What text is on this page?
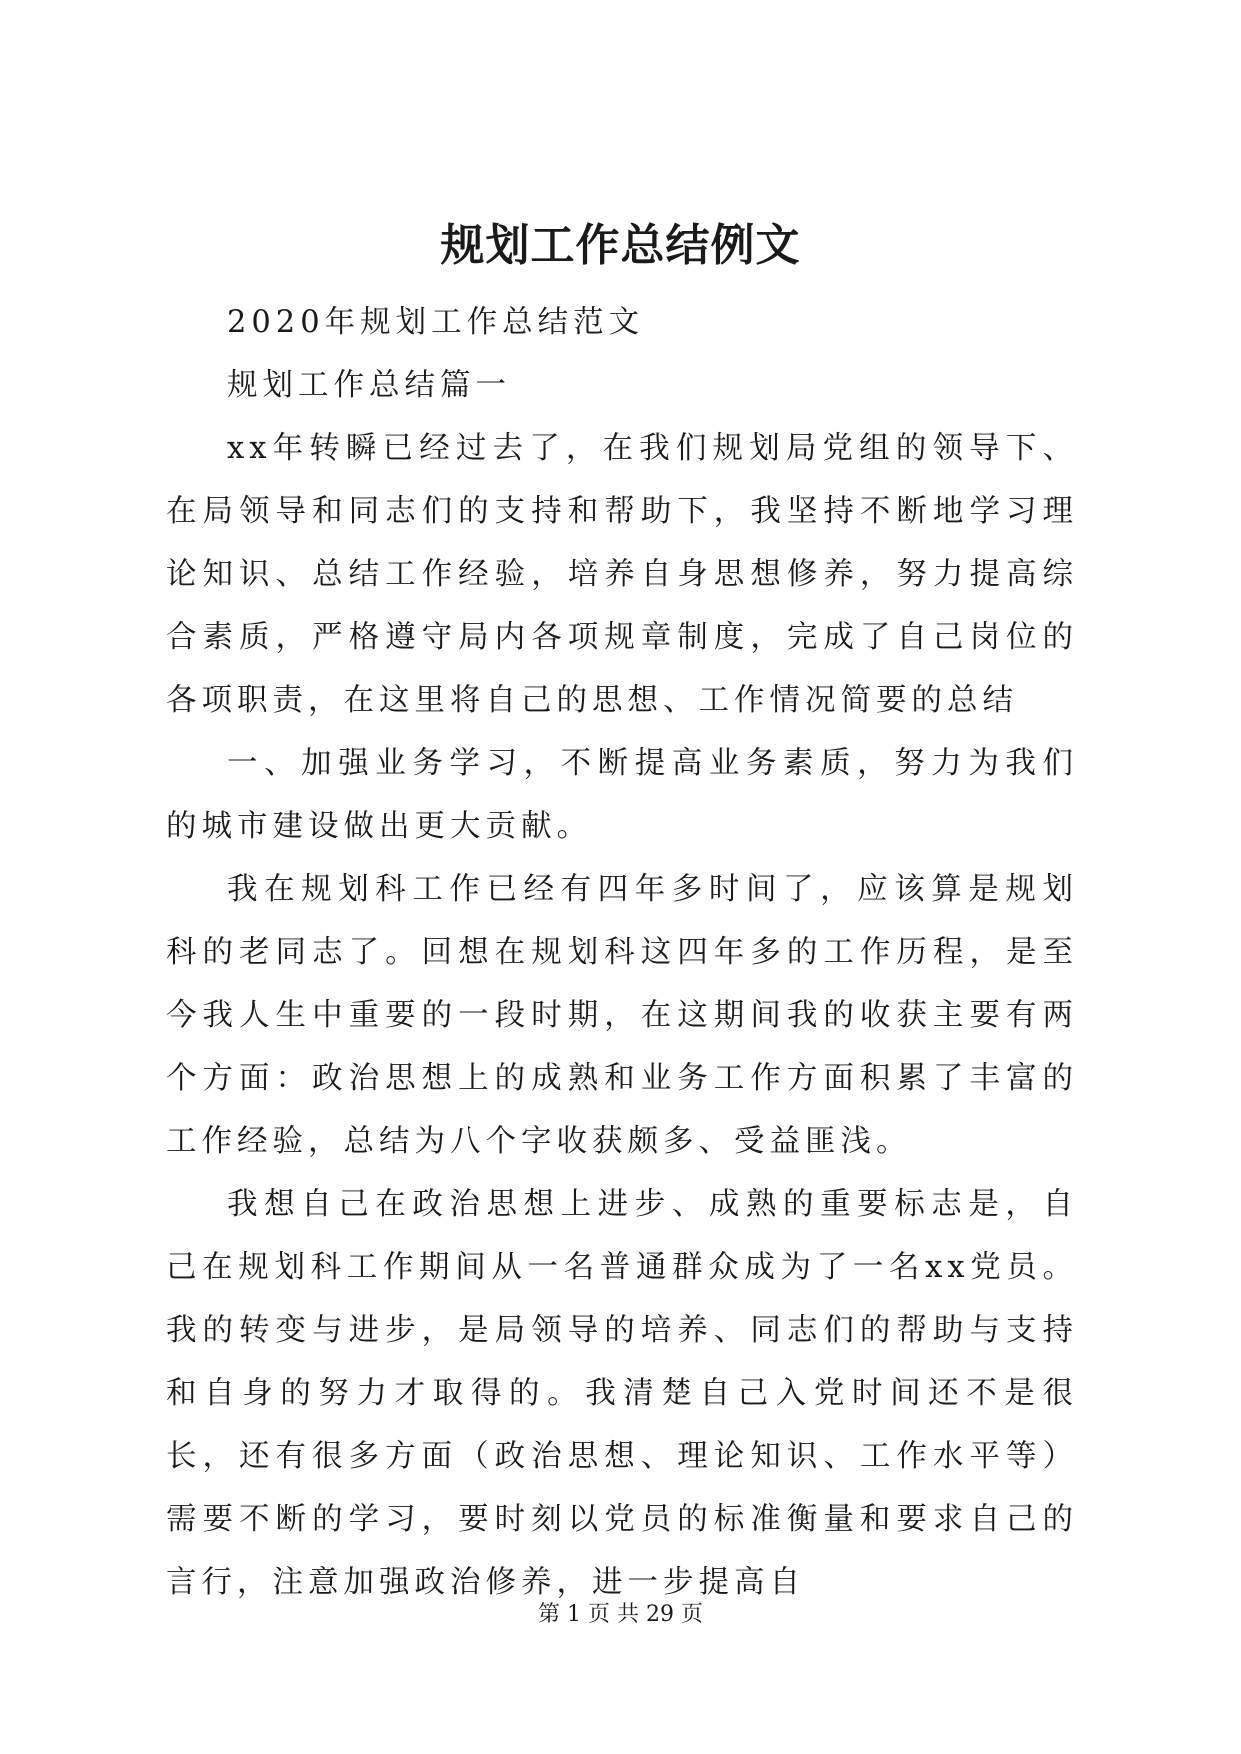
规划工作总结例文

2020年规划工作总结范文

规划工作总结篇一

xx年转瞬已经过去了，在我们规划局党组的领导下、在局领导和同志们的支持和帮助下，我坚持不断地学习理论知识、总结工作经验，培养自身思想修养，努力提高综合素质，严格遵守局内各项规章制度，完成了自己岗位的各项职责，在这里将自己的思想、工作情况简要的总结

一、加强业务学习，不断提高业务素质，努力为我们的城市建设做出更大贡献。

我在规划科工作已经有四年多时间了，应该算是规划科的老同志了。回想在规划科这四年多的工作历程，是至今我人生中重要的一段时期，在这期间我的收获主要有两个方面：政治思想上的成熟和业务工作方面积累了丰富的工作经验，总结为八个字收获颇多、受益匪浅。

我想自己在政治思想上进步、成熟的重要标志是，自己在规划科工作期间从一名普通群众成为了一名xx党员。我的转变与进步，是局领导的培养、同志们的帮助与支持和自身的努力才取得的。我清楚自己入党时间还不是很长，还有很多方面（政治思想、理论知识、工作水平等）需要不断的学习，要时刻以党员的标准衡量和要求自己的言行，注意加强政治修养，进一步提高自

第 1 页 共 29 页
